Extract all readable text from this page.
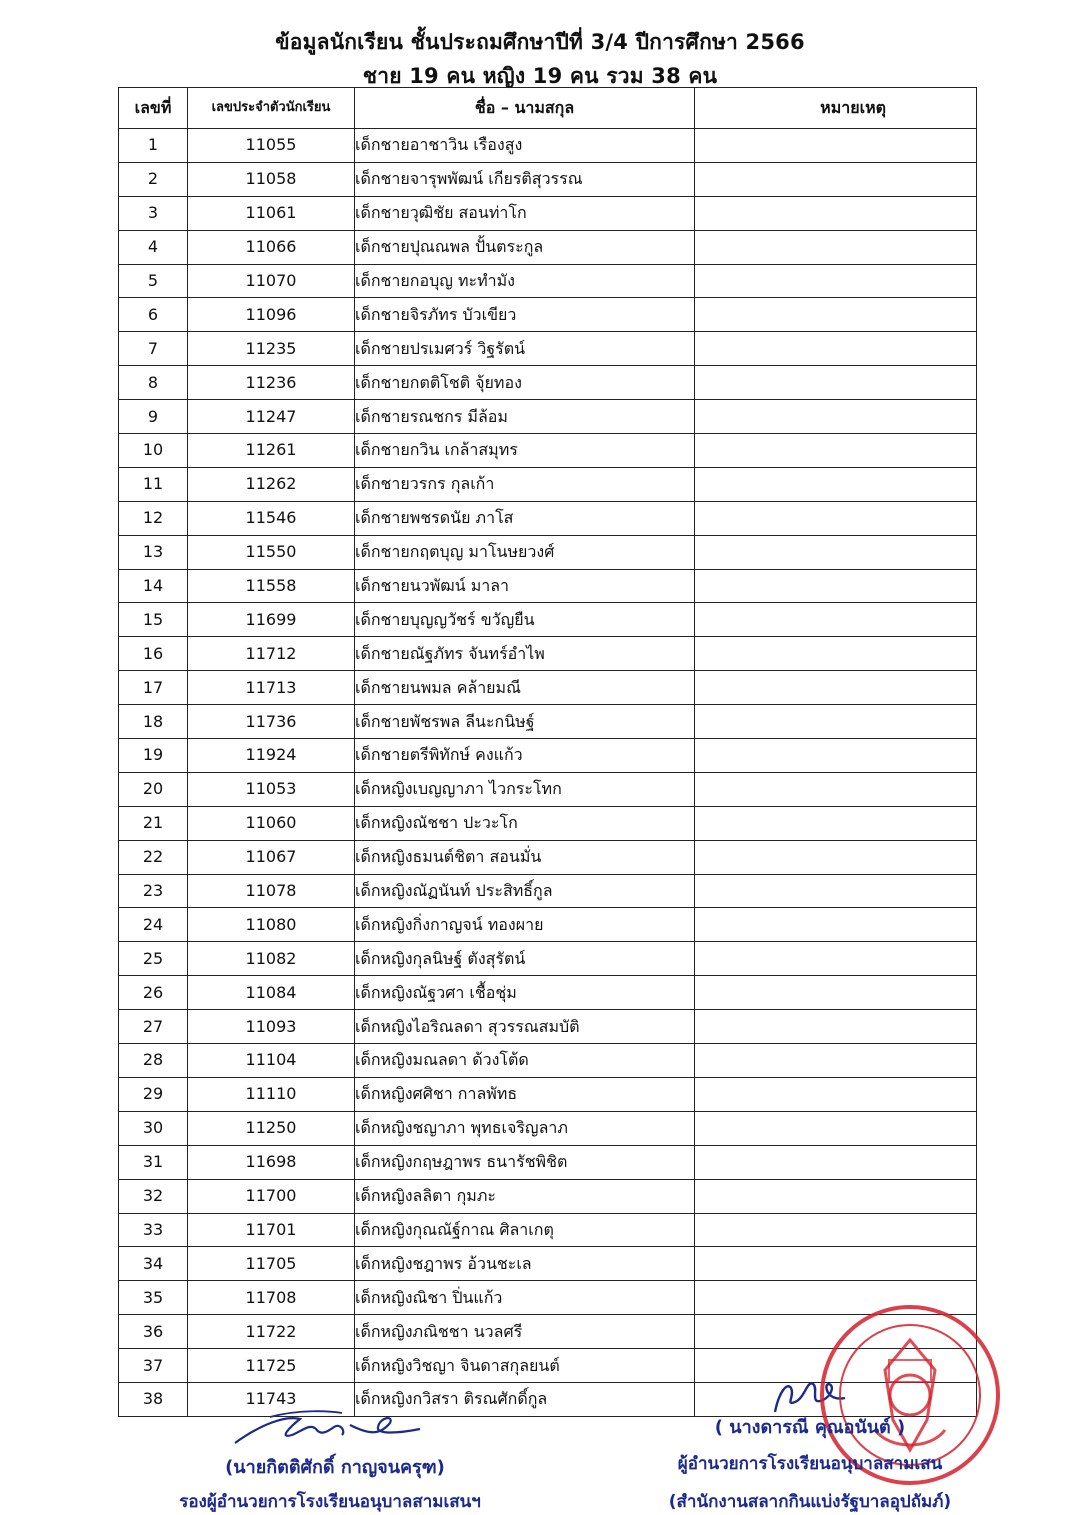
ข้อมูลนักเรียน ชั้นประถมศึกษาปีที่ 3/4 ปีการศึกษา 2566
ชาย 19 คน หญิง 19 คน รวม 38 คน
เลขที่	เลขประจำตัวนักเรียน	ชื่อ – นามสกุล	หมายเหตุ
1	11055	เด็กชายอาชาวิน เรืองสูง	
2	11058	เด็กชายจารุพพัฒน์ เกียรติสุวรรณ	
3	11061	เด็กชายวุฒิชัย สอนท่าโก	
4	11066	เด็กชายปุณณพล ปั้นตระกูล	
5	11070	เด็กชายกอบุญ ทะทำมัง	
6	11096	เด็กชายจิรภัทร บัวเขียว	
7	11235	เด็กชายปรเมศวร์ วิฐรัตน์	
8	11236	เด็กชายกตติโชติ จุ้ยทอง	
9	11247	เด็กชายรณชกร มีล้อม	
10	11261	เด็กชายกวิน เกล้าสมุทร	
11	11262	เด็กชายวรกร กุลเก้า	
12	11546	เด็กชายพชรดนัย ภาโส	
13	11550	เด็กชายกฤตบุญ มาโนษยวงศ์	
14	11558	เด็กชายนวพัฒน์ มาลา	
15	11699	เด็กชายบุญญวัชร์ ขวัญยืน	
16	11712	เด็กชายณัฐภัทร จันทร์อำไพ	
17	11713	เด็กชายนพมล คล้ายมณี	
18	11736	เด็กชายพัชรพล ลีนะกนิษฐ์	
19	11924	เด็กชายตรีพิทักษ์ คงแก้ว	
20	11053	เด็กหญิงเบญญาภา ไวกระโทก	
21	11060	เด็กหญิงณัชชา ปะวะโก	
22	11067	เด็กหญิงธมนต์ชิตา สอนมั่น	
23	11078	เด็กหญิงณัฏนันท์ ประสิทธิ์กูล	
24	11080	เด็กหญิงกิ่งกาญจน์ ทองผาย	
25	11082	เด็กหญิงกุลนิษฐ์ ตังสุรัตน์	
26	11084	เด็กหญิงณัฐวศา เชื้อชุ่ม	
27	11093	เด็กหญิงไอริณลดา สุวรรณสมบัติ	
28	11104	เด็กหญิงมณลดา ด้วงโต้ด	
29	11110	เด็กหญิงศศิชา กาลพัทธ	
30	11250	เด็กหญิงชญาภา พุทธเจริญลาภ	
31	11698	เด็กหญิงกฤษฎาพร ธนารัชพิชิต	
32	11700	เด็กหญิงลลิตา กุมภะ	
33	11701	เด็กหญิงกุณณัฐ์กาณ ศิลาเกตุ	
34	11705	เด็กหญิงชฎาพร อ้วนชะเล	
35	11708	เด็กหญิงณิชา ปิ่นแก้ว	
36	11722	เด็กหญิงภณิชชา นวลศรี	
37	11725	เด็กหญิงวิชญา จินดาสกุลยนต์	
38	11743	เด็กหญิงกวิสรา ติรณศักดิ์กูล	
(นายกิตติศักดิ์ กาญจนครุฑ)
รองผู้อำนวยการโรงเรียนอนุบาลสามเสนฯ
( นางดารณี คุณอนันต์ )
ผู้อำนวยการโรงเรียนอนุบาลสามเสน
(สำนักงานสลากกินแบ่งรัฐบาลอุปถัมภ์)
